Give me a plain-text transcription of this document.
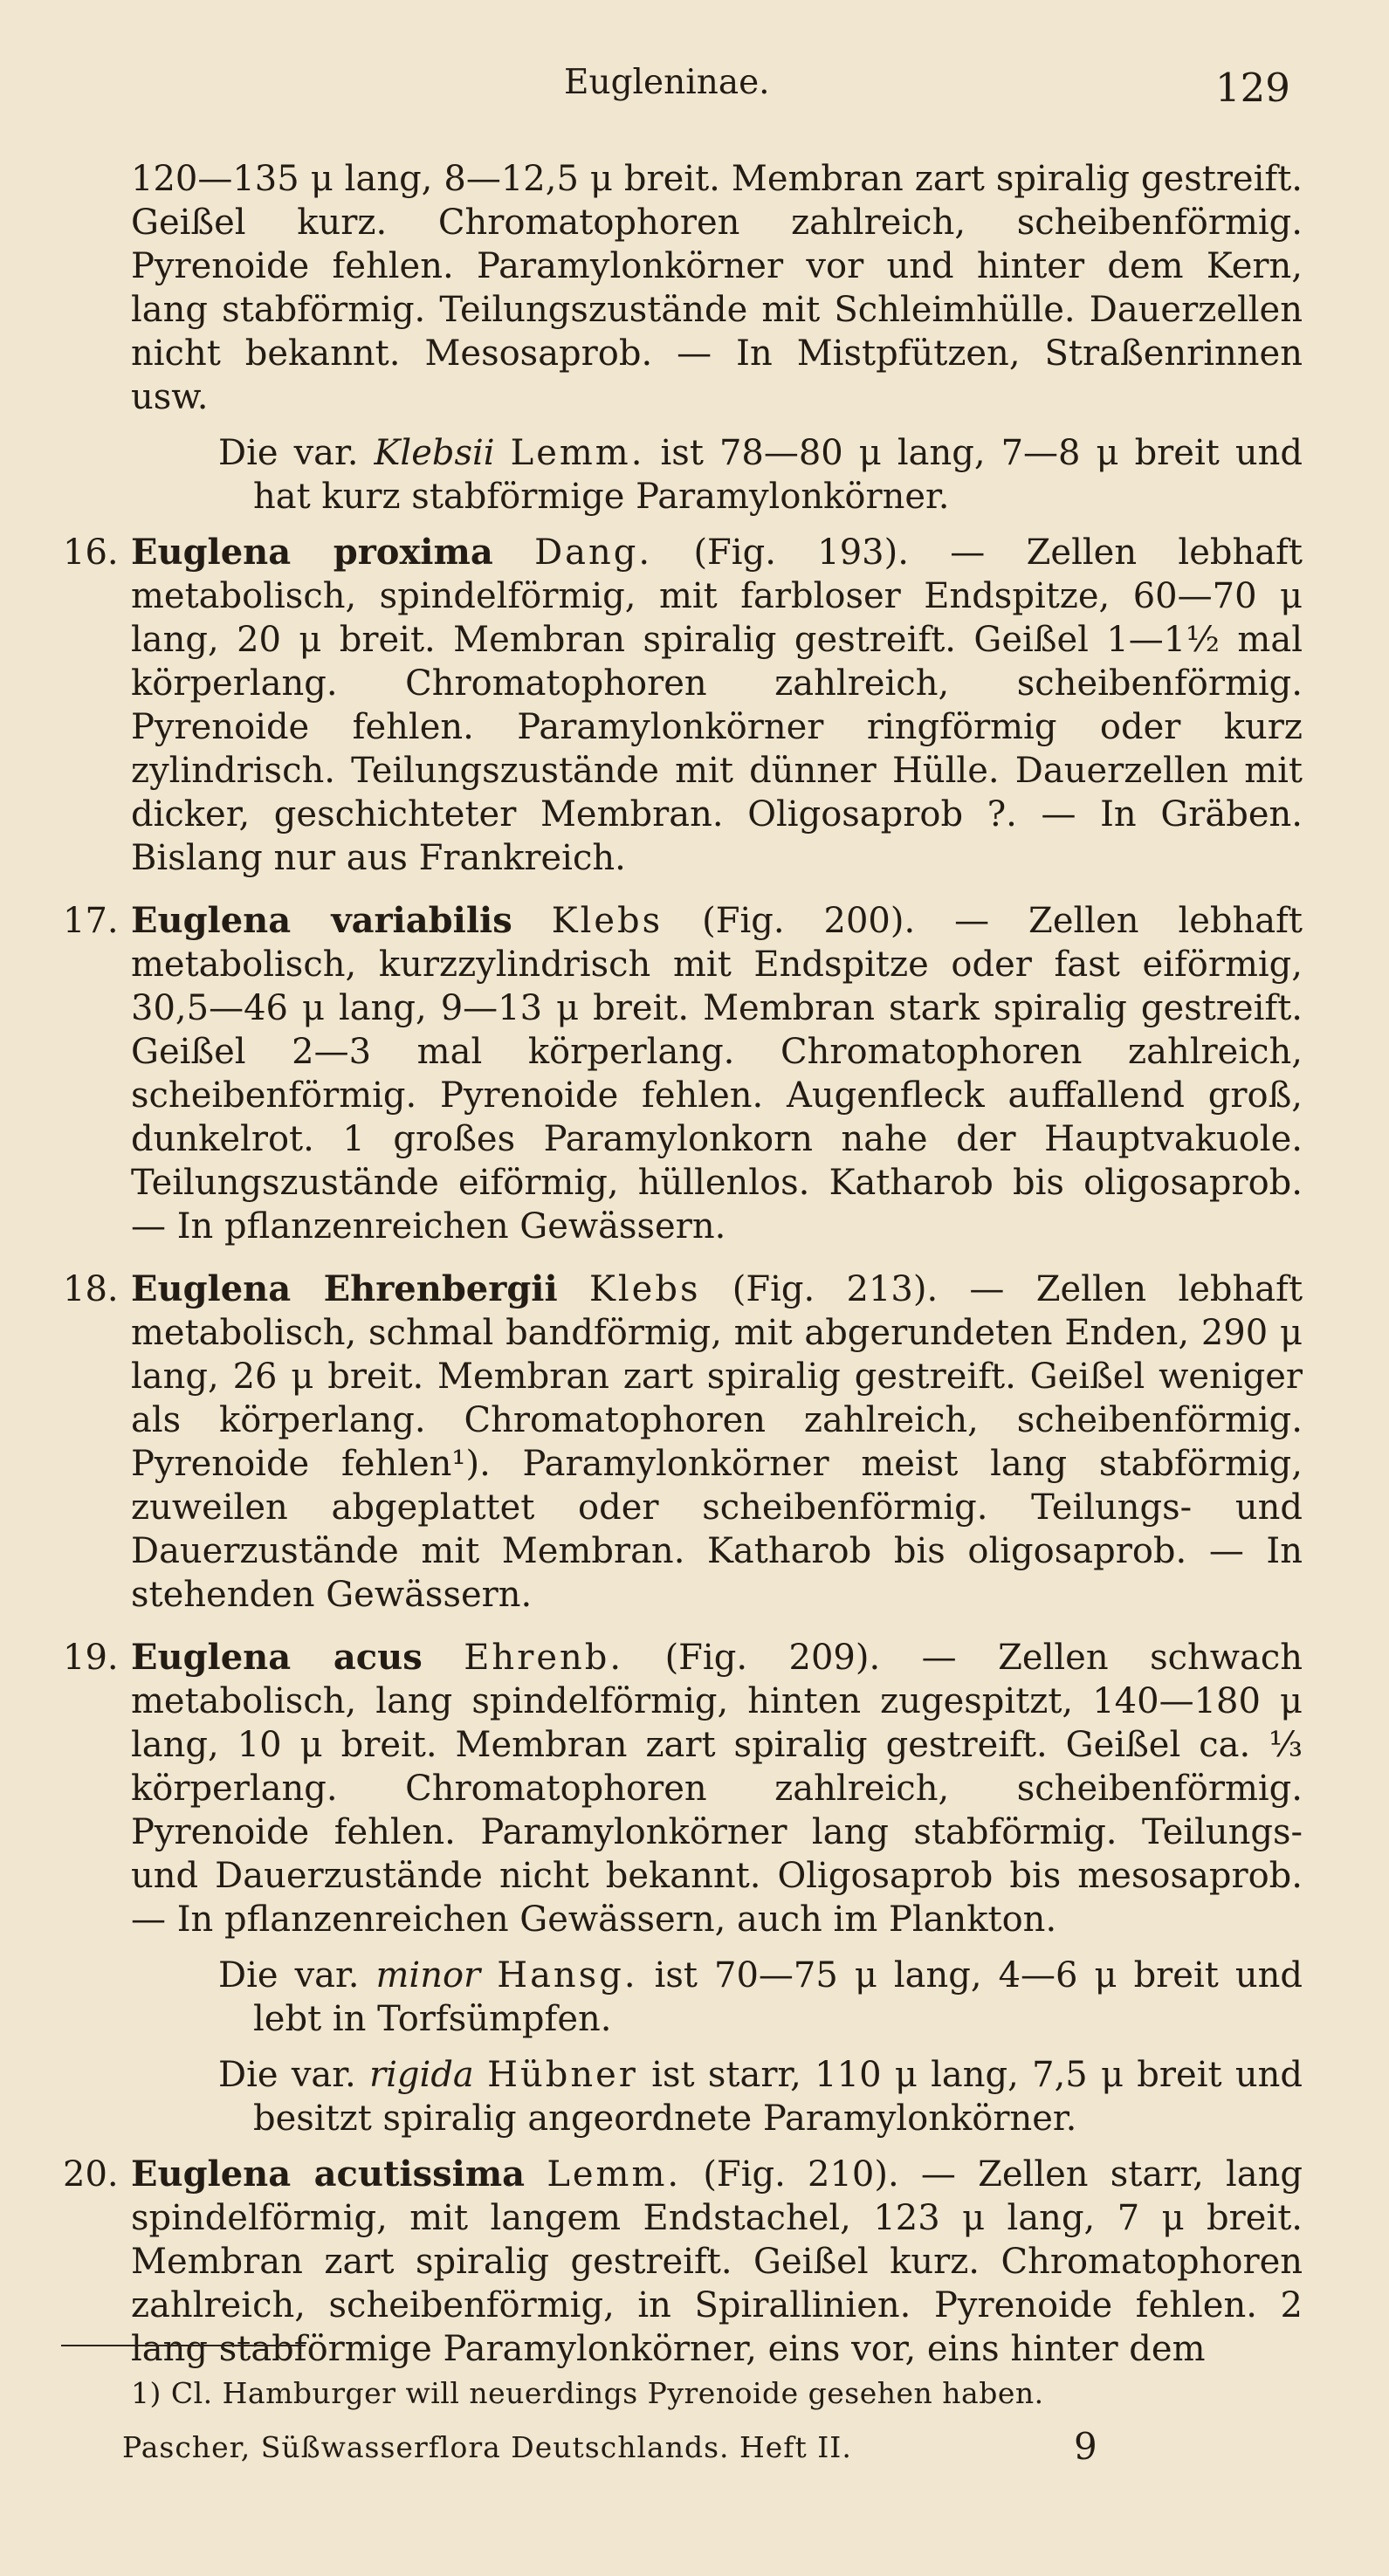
Eugleninae.	129

120—135 μ lang, 8—12,5 μ breit. Membran zart spiralig gestreift. Geißel kurz. Chromatophoren zahlreich, scheibenförmig. Pyrenoide fehlen. Paramylonkörner vor und hinter dem Kern, lang stabförmig. Teilungszustände mit Schleimhülle. Dauerzellen nicht bekannt. Mesosaprob. — In Mistpfützen, Straßenrinnen usw.

Die var. Klebsii Lemm. ist 78—80 μ lang, 7—8 μ breit und hat kurz stabförmige Paramylonkörner.

16. Euglena proxima Dang. (Fig. 193). — Zellen lebhaft metabolisch, spindelförmig, mit farbloser Endspitze, 60—70 μ lang, 20 μ breit. Membran spiralig gestreift. Geißel 1—1½ mal körperlang. Chromatophoren zahlreich, scheibenförmig. Pyrenoide fehlen. Paramylonkörner ringförmig oder kurz zylindrisch. Teilungszustände mit dünner Hülle. Dauerzellen mit dicker, geschichteter Membran. Oligosaprob ?. — In Gräben. Bislang nur aus Frankreich.

17. Euglena variabilis Klebs (Fig. 200). — Zellen lebhaft metabolisch, kurzzylindrisch mit Endspitze oder fast eiförmig, 30,5—46 μ lang, 9—13 μ breit. Membran stark spiralig gestreift. Geißel 2—3 mal körperlang. Chromatophoren zahlreich, scheibenförmig. Pyrenoide fehlen. Augenfleck auffallend groß, dunkelrot. 1 großes Paramylonkorn nahe der Hauptvakuole. Teilungszustände eiförmig, hüllenlos. Katharob bis oligosaprob. — In pflanzenreichen Gewässern.

18. Euglena Ehrenbergii Klebs (Fig. 213). — Zellen lebhaft metabolisch, schmal bandförmig, mit abgerundeten Enden, 290 μ lang, 26 μ breit. Membran zart spiralig gestreift. Geißel weniger als körperlang. Chromatophoren zahlreich, scheibenförmig. Pyrenoide fehlen¹). Paramylonkörner meist lang stabförmig, zuweilen abgeplattet oder scheibenförmig. Teilungs- und Dauerzustände mit Membran. Katharob bis oligosaprob. — In stehenden Gewässern.

19. Euglena acus Ehrenb. (Fig. 209). — Zellen schwach metabolisch, lang spindelförmig, hinten zugespitzt, 140—180 μ lang, 10 μ breit. Membran zart spiralig gestreift. Geißel ca. ⅓ körperlang. Chromatophoren zahlreich, scheibenförmig. Pyrenoide fehlen. Paramylonkörner lang stabförmig. Teilungs- und Dauerzustände nicht bekannt. Oligosaprob bis mesosaprob. — In pflanzenreichen Gewässern, auch im Plankton.

Die var. minor Hansg. ist 70—75 μ lang, 4—6 μ breit und lebt in Torfsümpfen.

Die var. rigida Hübner ist starr, 110 μ lang, 7,5 μ breit und besitzt spiralig angeordnete Paramylonkörner.

20. Euglena acutissima Lemm. (Fig. 210). — Zellen starr, lang spindelförmig, mit langem Endstachel, 123 μ lang, 7 μ breit. Membran zart spiralig gestreift. Geißel kurz. Chromatophoren zahlreich, scheibenförmig, in Spirallinien. Pyrenoide fehlen. 2 lang stabförmige Paramylonkörner, eins vor, eins hinter dem

1) Cl. Hamburger will neuerdings Pyrenoide gesehen haben.
Pascher, Süßwasserflora Deutschlands. Heft II.	9
